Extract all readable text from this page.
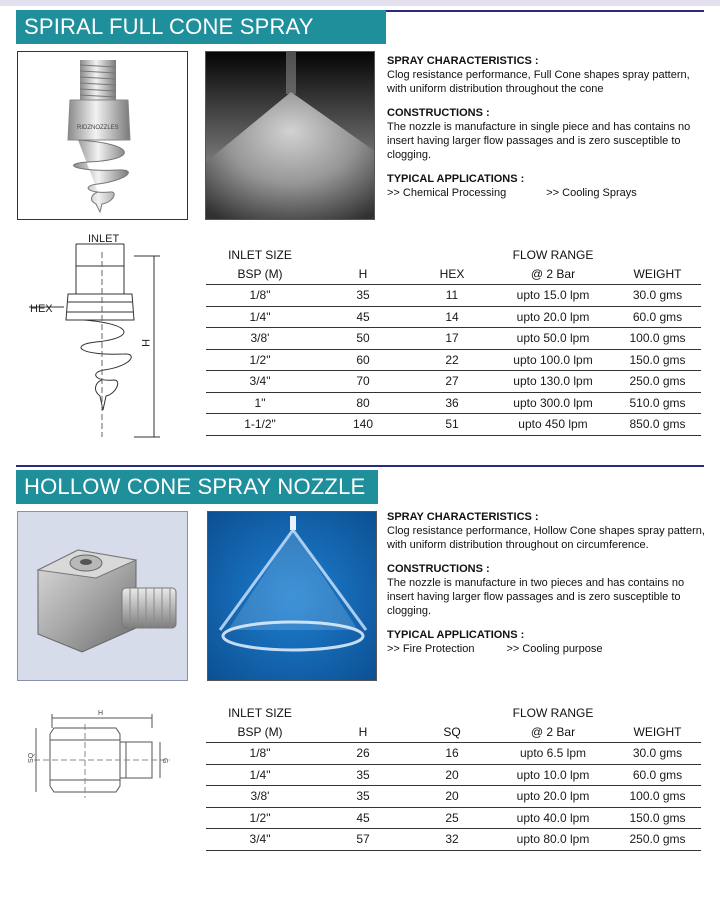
SPIRAL FULL CONE SPRAY
RIDZNOZZLES

SPRAY CHARACTERISTICS :
Clog resistance performance, Full Cone shapes spray pattern, with uniform distribution throughout the cone

CONSTRUCTIONS :
The nozzle is manufacture in single piece and has contains no insert having larger flow passages and is zero susceptible to clogging.

TYPICAL APPLICATIONS :
>> Chemical Processing	>> Cooling Sprays
INLET
HEX
H
INLET SIZE	FLOW RANGE
BSP (M)	H	HEX	@ 2 Bar	WEIGHT
1/8"	35	11	upto 15.0 lpm	30.0 gms
1/4"	45	14	upto 20.0 lpm	60.0 gms
3/8'	50	17	upto 50.0 lpm	100.0 gms
1/2"	60	22	upto 100.0 lpm	150.0 gms
3/4"	70	27	upto 130.0 lpm	250.0 gms
1"	80	36	upto 300.0 lpm	510.0 gms
1-1/2"	140	51	upto 450 lpm	850.0 gms
HOLLOW CONE SPRAY NOZZLE

SPRAY CHARACTERISTICS :
Clog resistance performance, Hollow Cone shapes spray pattern, with uniform distribution throughout on circumference.

CONSTRUCTIONS :
The nozzle is manufacture in two pieces and has contains no insert having larger flow passages and is zero susceptible to clogging.

TYPICAL APPLICATIONS :
>> Fire Protection	>> Cooling purpose
H
SQ	G
INLET SIZE	FLOW RANGE
BSP (M)	H	SQ	@ 2 Bar	WEIGHT
1/8"	26	16	upto 6.5 lpm	30.0 gms
1/4"	35	20	upto 10.0 lpm	60.0 gms
3/8'	35	20	upto 20.0 lpm	100.0 gms
1/2"	45	25	upto 40.0 lpm	150.0 gms
3/4"	57	32	upto 80.0 lpm	250.0 gms
